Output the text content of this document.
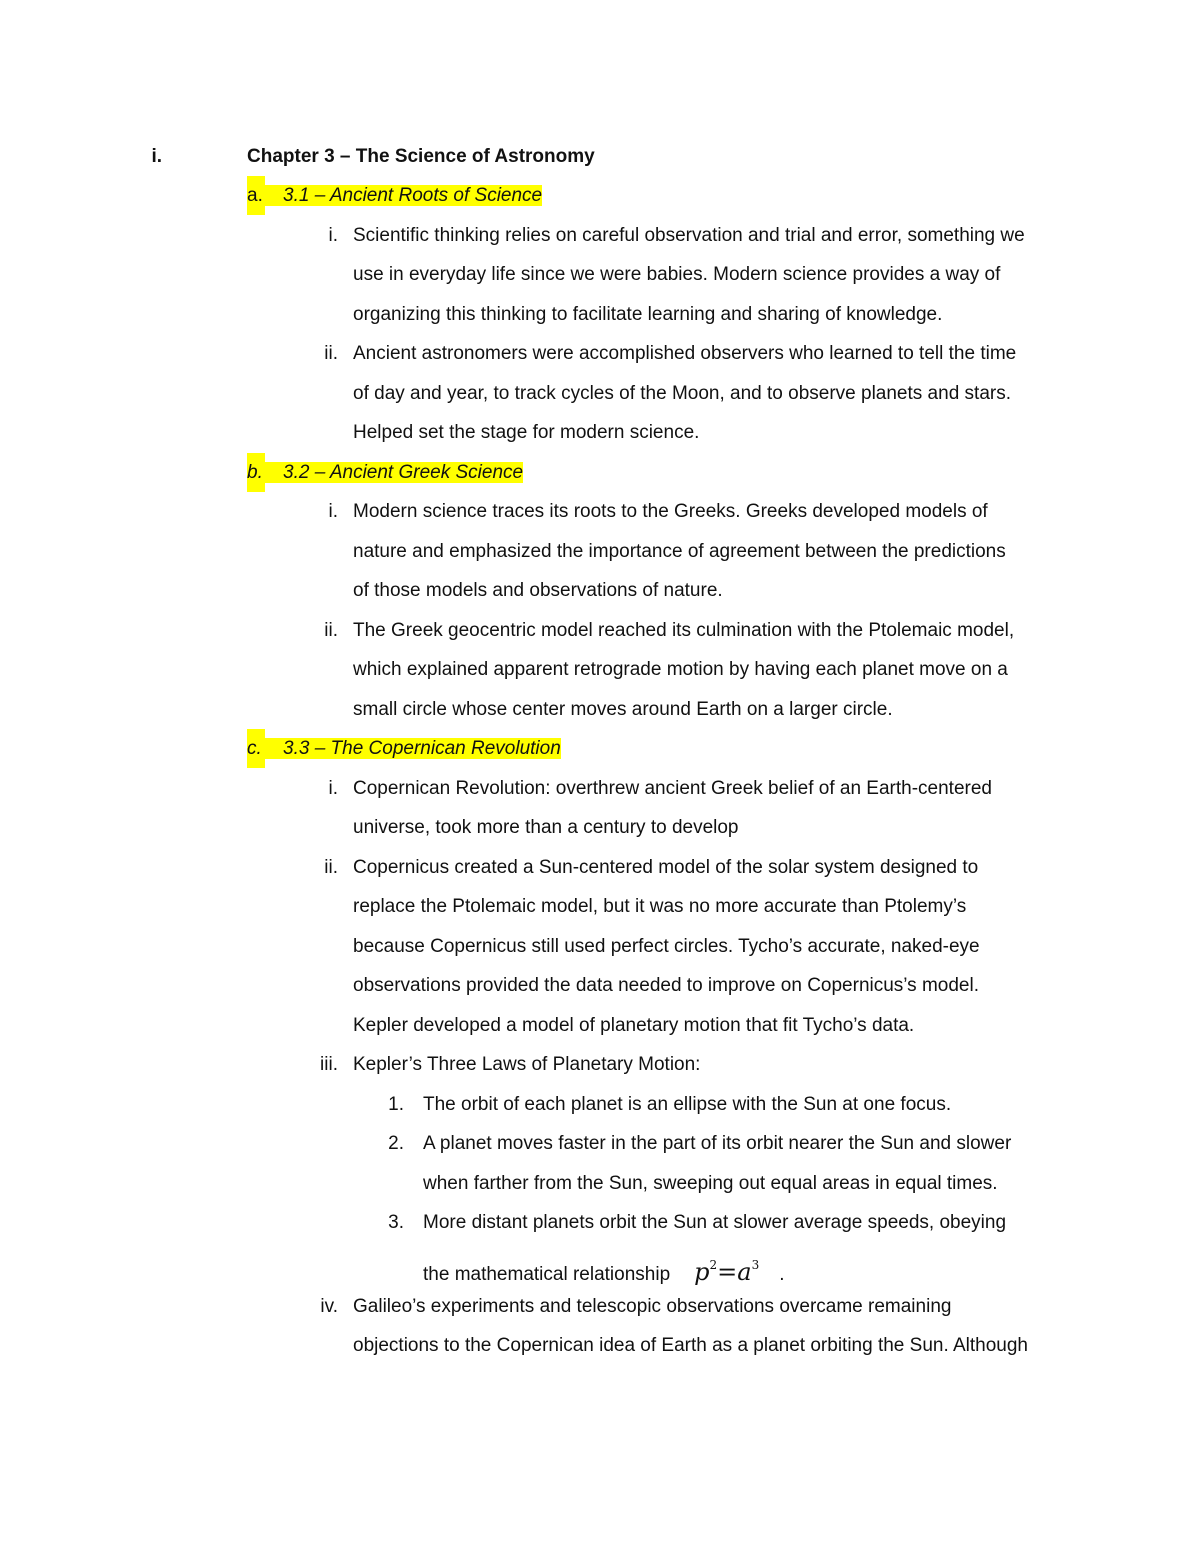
i.	Chapter 3 – The Science of Astronomy
a.	3.1 – Ancient Roots of Science
i. Scientific thinking relies on careful observation and trial and error, something we
use in everyday life since we were babies. Modern science provides a way of
organizing this thinking to facilitate learning and sharing of knowledge.
ii. Ancient astronomers were accomplished observers who learned to tell the time
of day and year, to track cycles of the Moon, and to observe planets and stars.
Helped set the stage for modern science.
b.	3.2 – Ancient Greek Science
i. Modern science traces its roots to the Greeks. Greeks developed models of
nature and emphasized the importance of agreement between the predictions
of those models and observations of nature.
ii. The Greek geocentric model reached its culmination with the Ptolemaic model,
which explained apparent retrograde motion by having each planet move on a
small circle whose center moves around Earth on a larger circle.
c.	3.3 – The Copernican Revolution
i. Copernican Revolution: overthrew ancient Greek belief of an Earth-centered
universe, took more than a century to develop
ii. Copernicus created a Sun-centered model of the solar system designed to
replace the Ptolemaic model, but it was no more accurate than Ptolemy’s
because Copernicus still used perfect circles. Tycho’s accurate, naked-eye
observations provided the data needed to improve on Copernicus’s model.
Kepler developed a model of planetary motion that fit Tycho’s data.
iii. Kepler’s Three Laws of Planetary Motion:
1. The orbit of each planet is an ellipse with the Sun at one focus.
2. A planet moves faster in the part of its orbit nearer the Sun and slower
when farther from the Sun, sweeping out equal areas in equal times.
3. More distant planets orbit the Sun at slower average speeds, obeying
the mathematical relationship $p^2=a^3$ .
iv. Galileo’s experiments and telescopic observations overcame remaining
objections to the Copernican idea of Earth as a planet orbiting the Sun. Although
